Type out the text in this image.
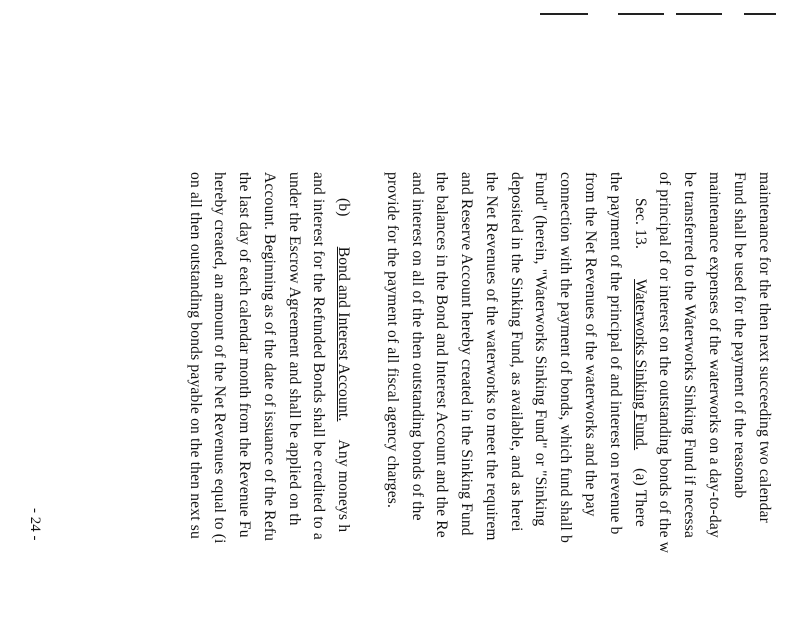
maintenance for the then next succeeding two calendar
Fund shall be used for the payment of the reasonab
maintenance expenses of the waterworks on a day-to-day
be transferred to the Waterworks Sinking Fund if necessa
of principal of or interest on the outstanding bonds of the w
Sec. 13.Waterworks Sinking Fund.(a) There
the payment of the principal of and interest on revenue b
from the Net Revenues of the waterworks and the pay
connection with the payment of bonds, which fund shall b
Fund" (herein, "Waterworks Sinking Fund" or "Sinking
deposited in the Sinking Fund, as available, and as herei
the Net Revenues of the waterworks to meet the requirem
and Reserve Account hereby created in the Sinking Fund
the balances in the Bond and Interest Account and the Re
and interest on all of the then outstanding bonds of the
provide for the payment of all fiscal agency charges.
(b)Bond and Interest Account.Any moneys h
and interest for the Refunded Bonds shall be credited to a
under the Escrow Agreement and shall be applied on th
Account. Beginning as of the date of issuance of the Refu
the last day of each calendar month from the Revenue Fu
hereby created, an amount of the Net Revenues equal to (i
on all then outstanding bonds payable on the then next su
- 24 -
